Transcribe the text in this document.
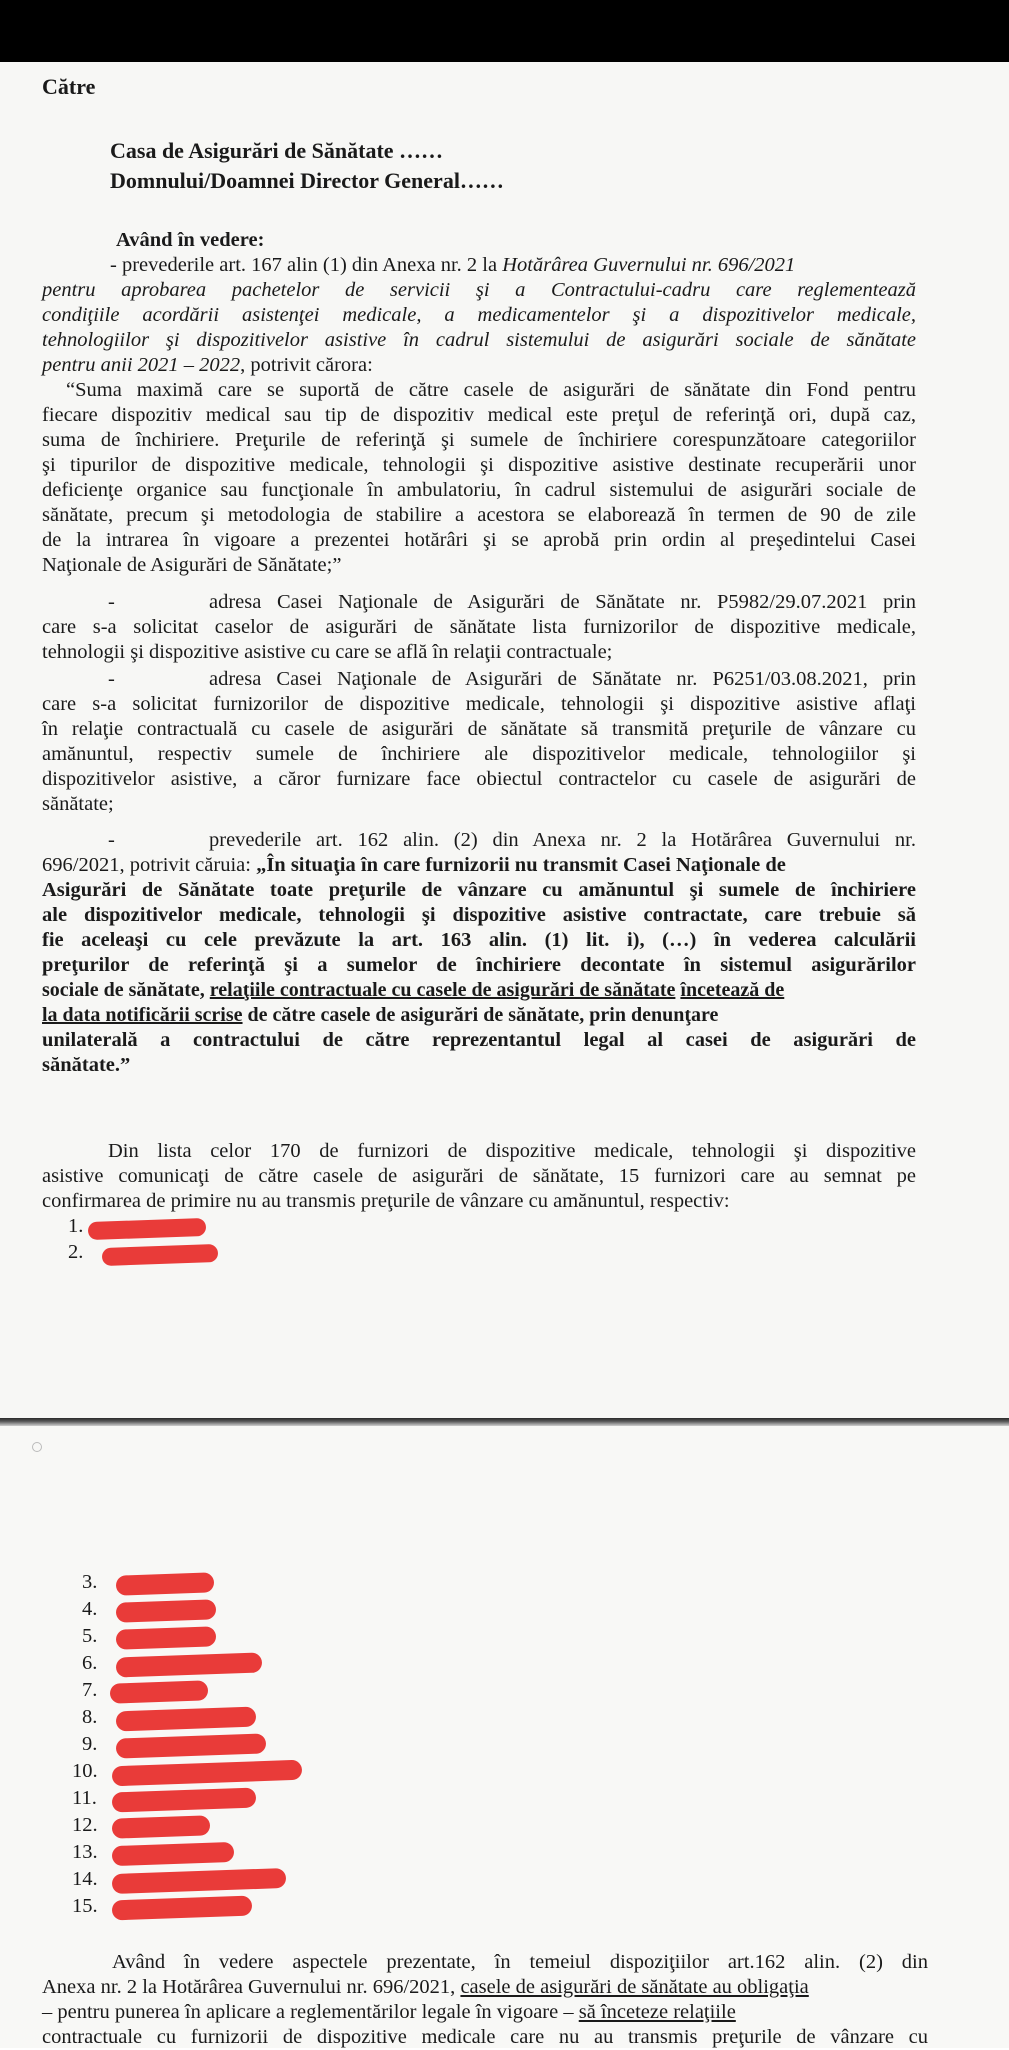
Către
Casa de Asigurări de Sănătate ……
Domnului/Doamnei Director General……
Având în vedere:
- prevederile art. 167 alin (1) din Anexa nr. 2 la Hotărârea Guvernului nr. 696/2021
pentru aprobarea pachetelor de servicii şi a Contractului-cadru care reglementează
condiţiile acordării asistenţei medicale, a medicamentelor şi a dispozitivelor medicale,
tehnologiilor şi dispozitivelor asistive în cadrul sistemului de asigurări sociale de sănătate
pentru anii 2021 – 2022, potrivit cărora:
“Suma maximă care se suportă de către casele de asigurări de sănătate din Fond pentru
fiecare dispozitiv medical sau tip de dispozitiv medical este preţul de referinţă ori, după caz,
suma de închiriere. Preţurile de referinţă şi sumele de închiriere corespunzătoare categoriilor
şi tipurilor de dispozitive medicale, tehnologii şi dispozitive asistive destinate recuperării unor
deficienţe organice sau funcţionale în ambulatoriu, în cadrul sistemului de asigurări sociale de
sănătate, precum şi metodologia de stabilire a acestora se elaborează în termen de 90 de zile
de la intrarea în vigoare a prezentei hotărâri şi se aprobă prin ordin al preşedintelui Casei
Naţionale de Asigurări de Sănătate;”
-	adresa Casei Naţionale de Asigurări de Sănătate nr. P5982/29.07.2021 prin
care s-a solicitat caselor de asigurări de sănătate lista furnizorilor de dispozitive medicale,
tehnologii şi dispozitive asistive cu care se află în relaţii contractuale;
-	adresa Casei Naţionale de Asigurări de Sănătate nr. P6251/03.08.2021, prin
care s-a solicitat furnizorilor de dispozitive medicale, tehnologii şi dispozitive asistive aflaţi
în relaţie contractuală cu casele de asigurări de sănătate să transmită preţurile de vânzare cu
amănuntul, respectiv sumele de închiriere ale dispozitivelor medicale, tehnologiilor şi
dispozitivelor asistive, a căror furnizare face obiectul contractelor cu casele de asigurări de
sănătate;
-	prevederile art. 162 alin. (2) din Anexa nr. 2 la Hotărârea Guvernului nr.
696/2021, potrivit căruia: „În situaţia în care furnizorii nu transmit Casei Naţionale de
Asigurări de Sănătate toate preţurile de vânzare cu amănuntul şi sumele de închiriere
ale dispozitivelor medicale, tehnologii şi dispozitive asistive contractate, care trebuie să
fie aceleaşi cu cele prevăzute la art. 163 alin. (1) lit. i), (…) în vederea calculării
preţurilor de referinţă şi a sumelor de închiriere decontate în sistemul asigurărilor
sociale de sănătate, relaţiile contractuale cu casele de asigurări de sănătate încetează de
la data notificării scrise de către casele de asigurări de sănătate, prin denunţare
unilaterală a contractului de către reprezentantul legal al casei de asigurări de
sănătate.”
Din lista celor 170 de furnizori de dispozitive medicale, tehnologii şi dispozitive
asistive comunicaţi de către casele de asigurări de sănătate, 15 furnizori care au semnat pe
confirmarea de primire nu au transmis preţurile de vânzare cu amănuntul, respectiv:
1.
2.
3.
4.
5.
6.
7.
8.
9.
10.
11.
12.
13.
14.
15.
Având în vedere aspectele prezentate, în temeiul dispoziţiilor art.162 alin. (2) din
Anexa nr. 2 la Hotărârea Guvernului nr. 696/2021, casele de asigurări de sănătate au obligaţia
– pentru punerea în aplicare a reglementărilor legale în vigoare – să înceteze relaţiile
contractuale cu furnizorii de dispozitive medicale care nu au transmis preţurile de vânzare cu
